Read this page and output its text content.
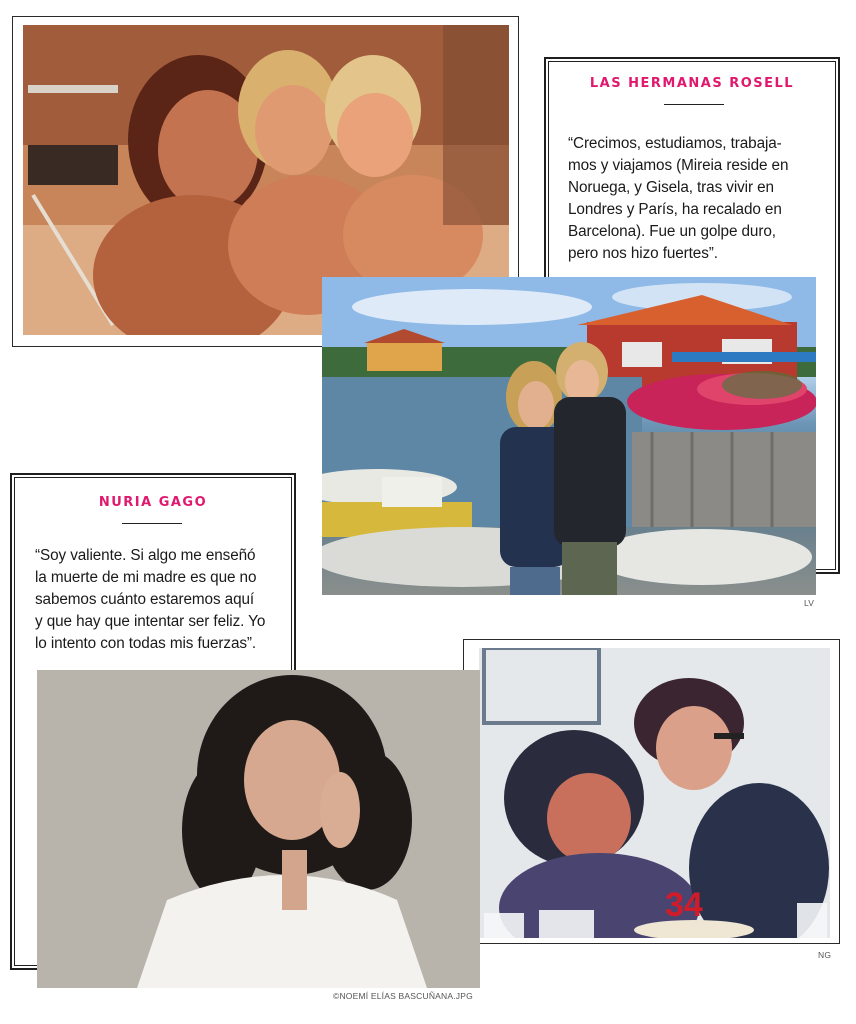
LAS HERMANAS ROSELL
“Crecimos, estudiamos, trabaja-
mos y viajamos (Mireia reside en
Noruega, y Gisela, tras vivir en
Londres y París, ha recalado en
Barcelona). Fue un golpe duro,
pero nos hizo fuertes”.
LV
NURIA GAGO
“Soy valiente. Si algo me enseñó
la muerte de mi madre es que no
sabemos cuánto estaremos aquí
y que hay que intentar ser feliz. Yo
lo intento con todas mis fuerzas”.
34
NG
©NOEMÍ ELÍAS BASCUÑANA.JPG
